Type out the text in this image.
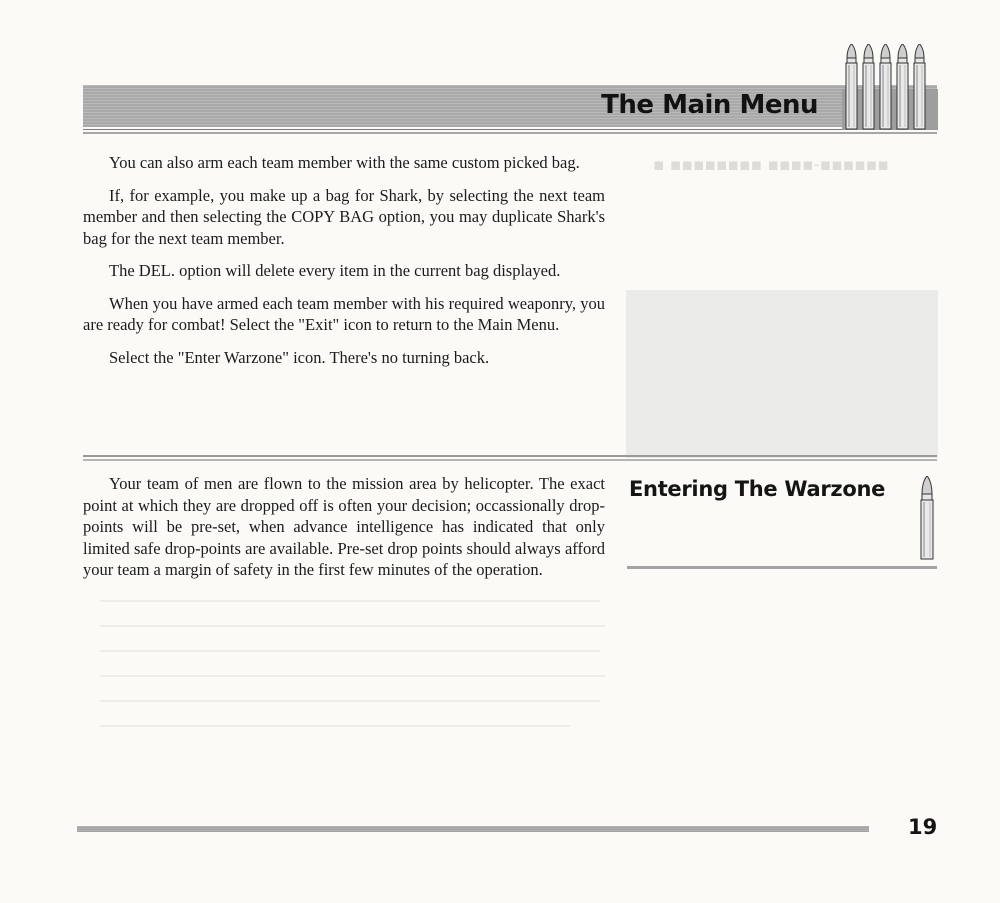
The Main Menu
▪ ▪▪▪▪▪▪▪▪ ▪▪▪▪-▪▪▪▪▪▪

You can also arm each team member with the same custom picked bag.

If, for example, you make up a bag for Shark, by selecting the next team member and then selecting the COPY BAG option, you may duplicate Shark's bag for the next team member.

The DEL. option will delete every item in the current bag displayed.

When you have armed each team member with his required weaponry, you are ready for combat! Select the "Exit" icon to return to the Main Menu.

Select the "Enter Warzone" icon. There's no turning back.

Your team of men are flown to the mission area by helicopter. The exact point at which they are dropped off is often your decision; occassionally drop-points will be pre-set, when advance intelligence has indicated that only limited safe drop-points are available. Pre-set drop points should always afford your team a margin of safety in the first few minutes of the operation.

Entering The Warzone
19
